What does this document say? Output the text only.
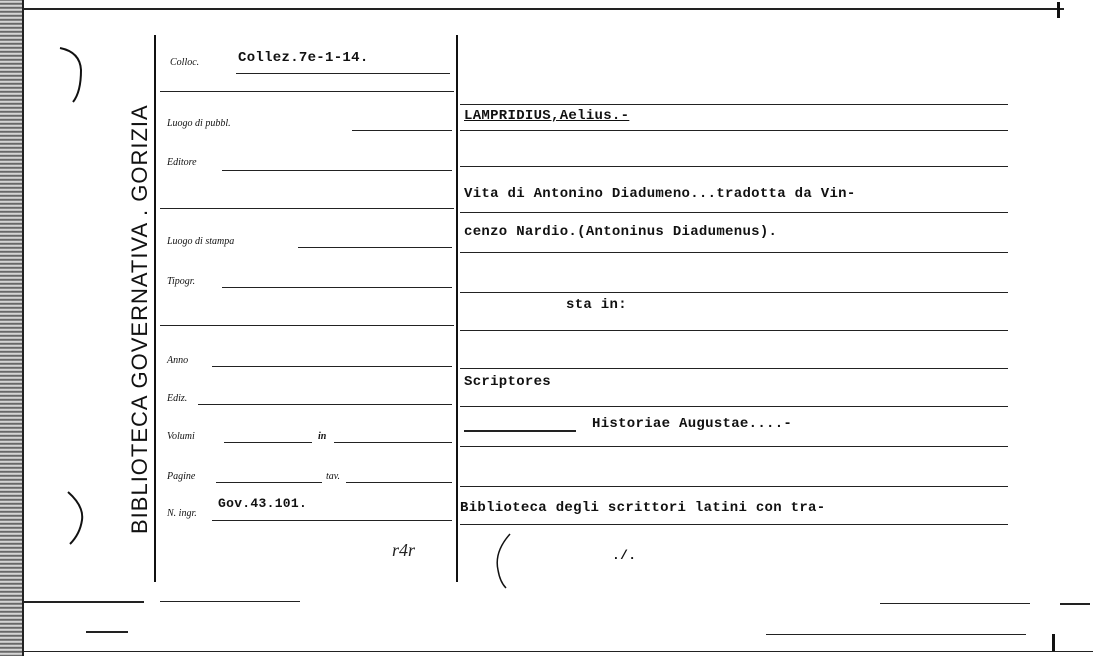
BIBLIOTECA GOVERNATIVA . GORIZIA
Colloc.	Collez.7e-1-14.
Luogo di pubbl.
Editore
Luogo di stampa
Tipogr.
Anno
Ediz.
Volumi	in
Pagine	tav.
N. ingr.
Gov.43.101.
r4r
LAMPRIDIUS,Aelius.-
Vita di Antonino Diadumeno...tradotta da Vin-
cenzo Nardio.(Antoninus Diadumenus).
sta in:
Scriptores
Historiae Augustae....-
Biblioteca degli scrittori latini con tra-
./.
